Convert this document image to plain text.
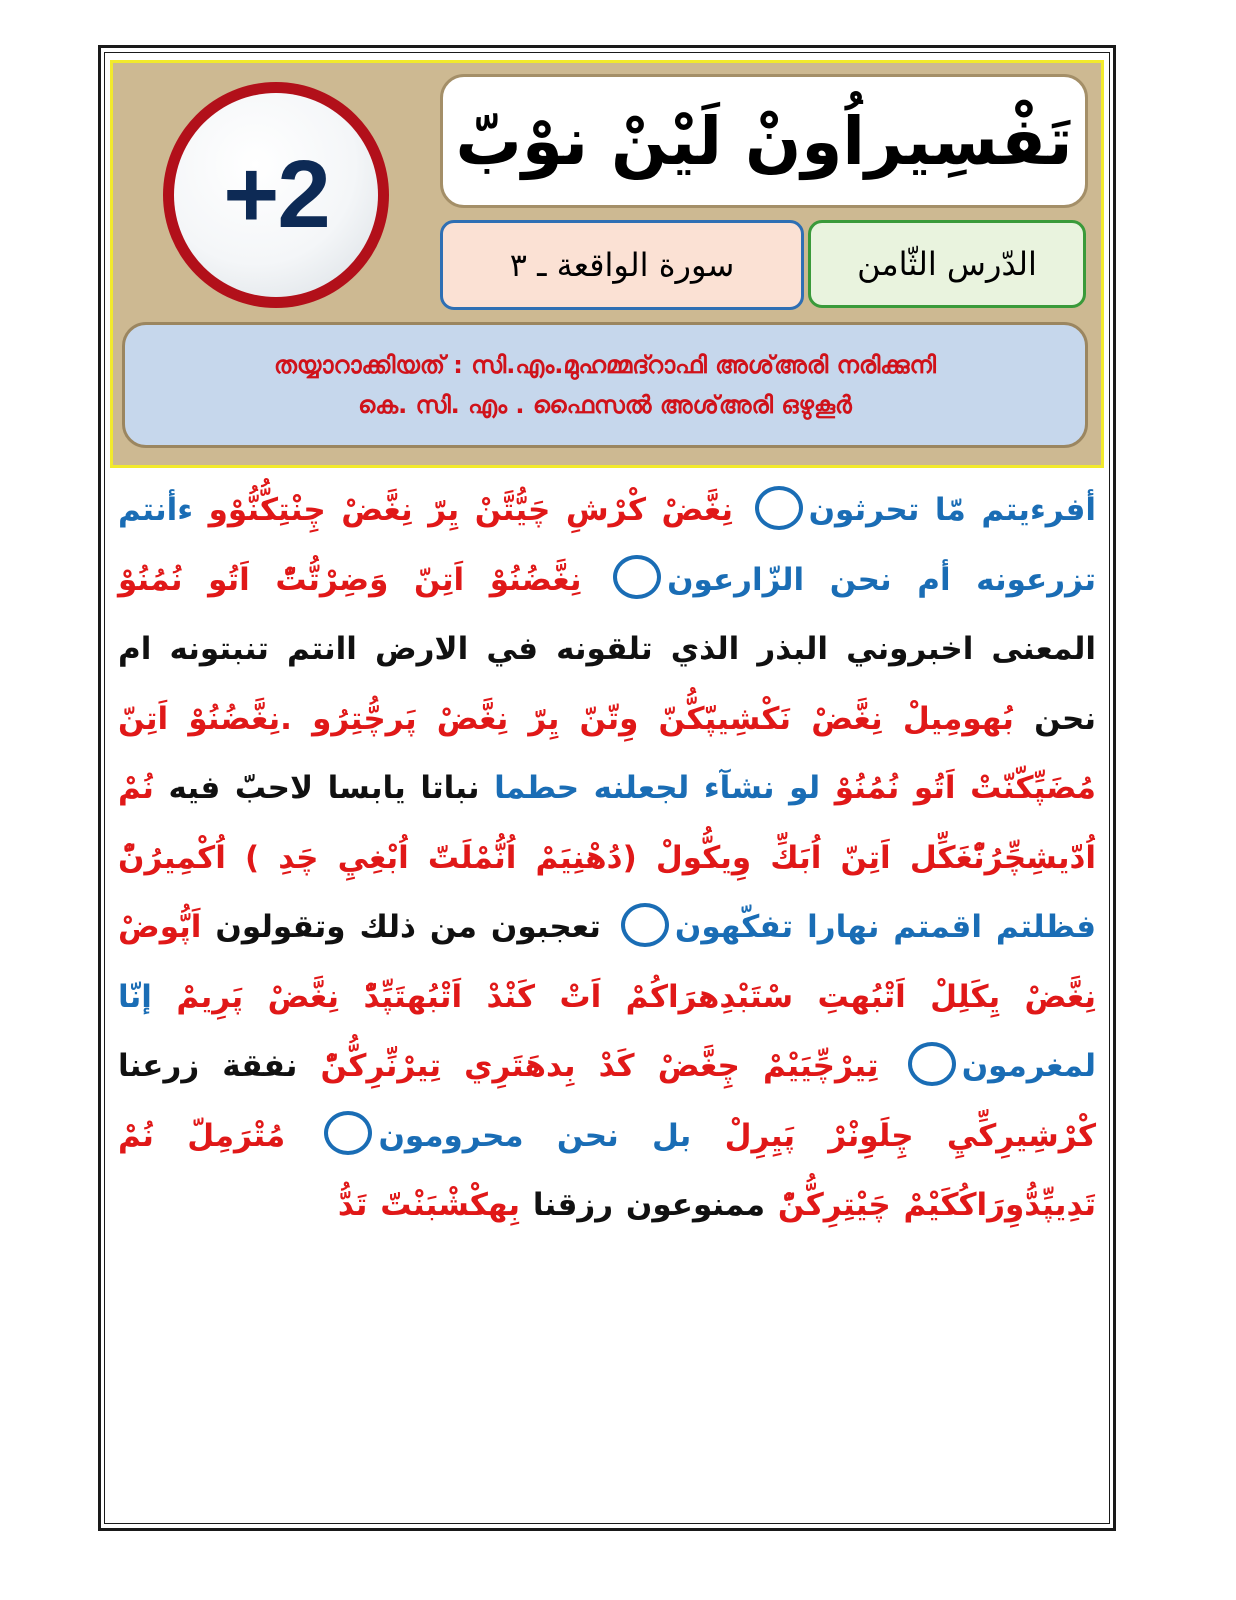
+2 تَفْسِيراُونْ لَيْنْ نوْبّ
الدّرس الثّامن
سورة الواقعة ـ ٣
തയ്യാറാക്കിയത് : സി.എം.മുഹമ്മദ്റാഫി അശ്അരി നരിക്കുനി
കെ. സി. എം . ഫൈസൽ അശ്അരി ഒഴുകൂർ
أفرءيتم مّا تحرثون نِغَّضْ كْرْشِ چَيُّتَّنْ يِرّ نِغَّضْ چِنْتِكُّنُّوْو ءأنتم تزرعونه أم نحن الزّارعون نِغَّضُنُوْ اَتِنّ وَضِرْتُّتّْ اَتُو نُمُنُوْ المعنى اخبروني البذر الذي تلقونه في الارض اانتم تنبتونه ام نحن بُهومِيلْ نِغَّضْ نَكْشِيپّكُّنّ وِتّنّ يِرّ نِغَّضْ پَرچُّتِرُو .نِغَّضُنُوْ اَتِنّ مُضَپِّكّنّتْ اَتُو نُمُنُوْ لو نشآء لجعلنه حطما نباتا يابسا لاحبّ فيه نُمْ اُدّيشِچِّرُنّْغَكِّل اَتِنّ اُبَكِّ وِيكُّولْ (دُهْنِيَمْ اُنُّمْلَتّ اُبْغِيِ چَدِ ) اُكْمِيرُنّْ فظلتم اقمتم نهارا تفكّهون تعجبون من ذلك وتقولون اَپُّوضْ نِغَّضْ يِكَلِلْ اَتْبُهتِ سْتَبْدِهرَاكُمْ اَتْ كَنْدْ اَتْبُهتَپِّدّْ نِغَّضْ پَرِيمْ إنّا لمغرمون تِيرْچِّيَيْمْ چِغَّضْ كَدْ بِدهَتَرِي تِيرْنِّرِكُّنّْ نفقة زرعنا كْرْشِيرِكِّيِ چِلَوِنْرْ پَيِرِلْ بل نحن محرومون مُتْرَمِلّ نُمْ تَدِيپِّدُّوِرَاكُكَيْمْ چَيْتِرِكُّنّْ ممنوعون رزقنا بِهكْشْبَنْتّ تَدُّ
